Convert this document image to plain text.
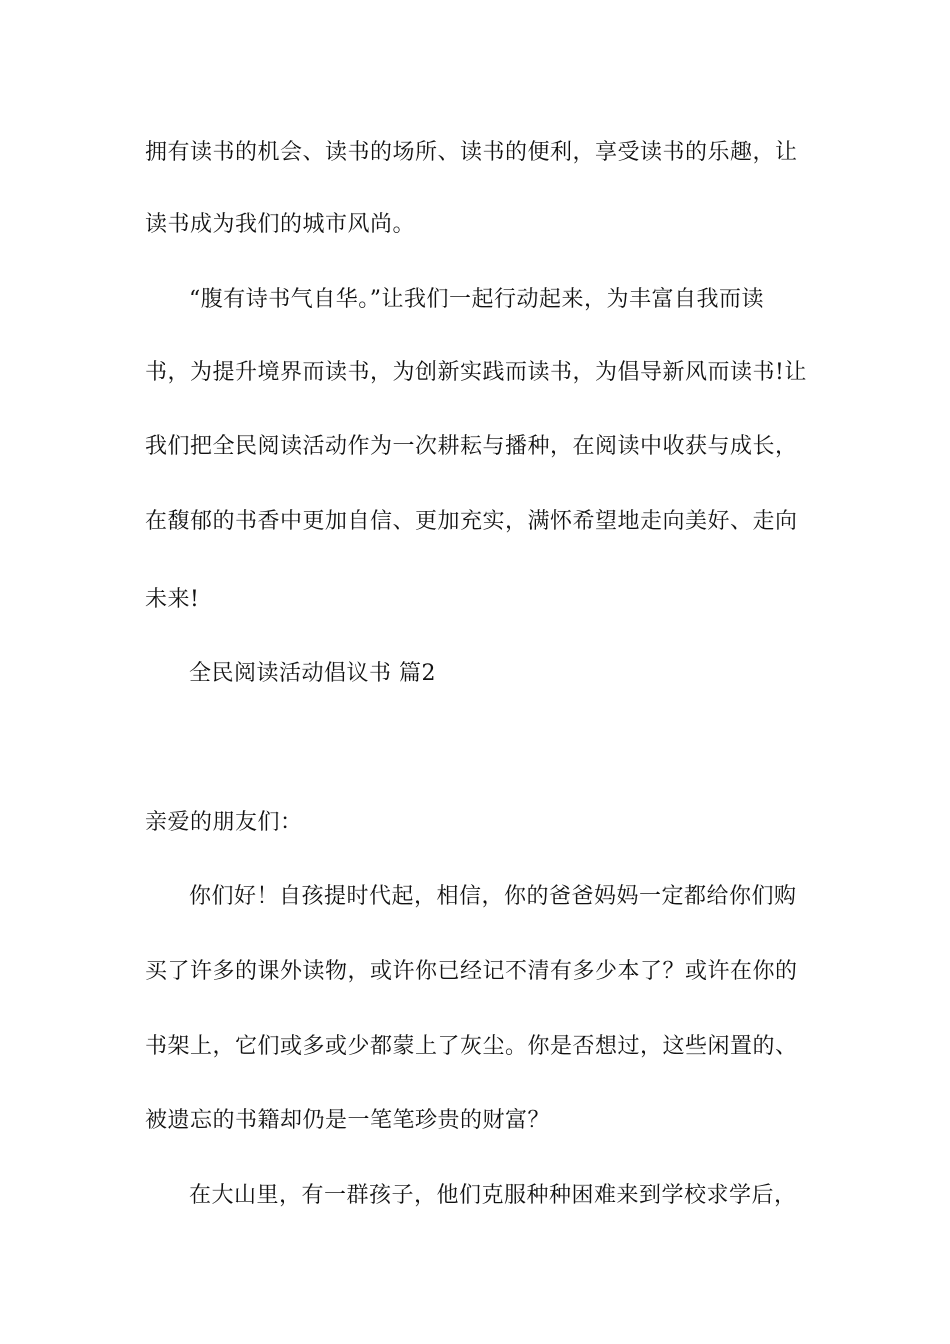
拥有读书的机会、读书的场所、读书的便利，享受读书的乐趣，让
读书成为我们的城市风尚。
“腹有诗书气自华。”让我们一起行动起来，为丰富自我而读
书，为提升境界而读书，为创新实践而读书，为倡导新风而读书!让
我们把全民阅读活动作为一次耕耘与播种，在阅读中收获与成长，
在馥郁的书香中更加自信、更加充实，满怀希望地走向美好、走向
未来!
全民阅读活动倡议书 篇2
亲爱的朋友们：
你们好！自孩提时代起，相信，你的爸爸妈妈一定都给你们购
买了许多的课外读物，或许你已经记不清有多少本了？或许在你的
书架上，它们或多或少都蒙上了灰尘。你是否想过，这些闲置的、
被遗忘的书籍却仍是一笔笔珍贵的财富？
在大山里，有一群孩子，他们克服种种困难来到学校求学后，
